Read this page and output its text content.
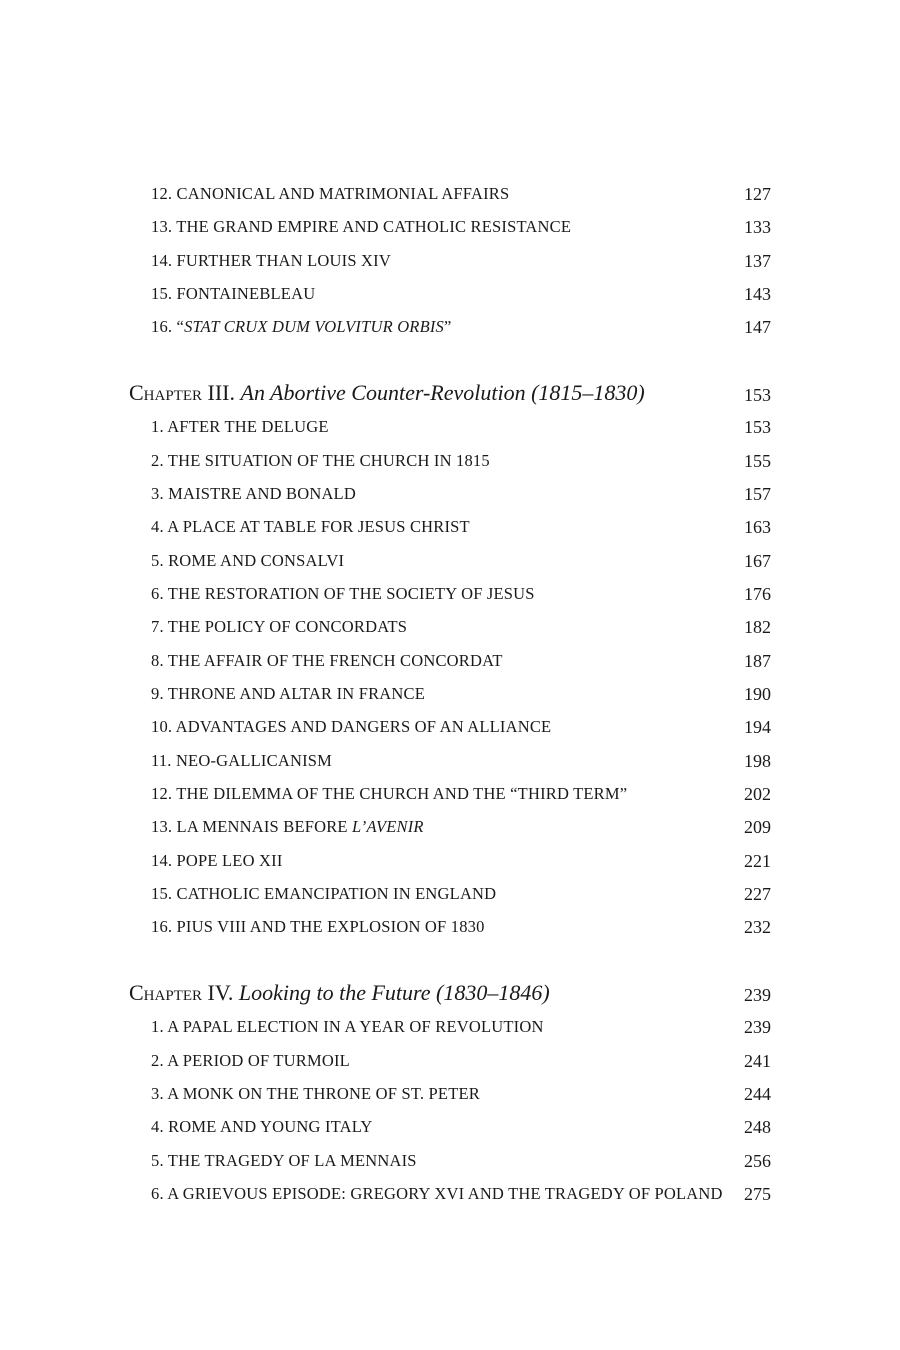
12. CANONICAL AND MATRIMONIAL AFFAIRS	127
13. THE GRAND EMPIRE AND CATHOLIC RESISTANCE	133
14. FURTHER THAN LOUIS XIV	137
15. FONTAINEBLEAU	143
16. “STAT CRUX DUM VOLVITUR ORBIS”	147
Chapter III. An Abortive Counter-Revolution (1815–1830)	153
1. AFTER THE DELUGE	153
2. THE SITUATION OF THE CHURCH IN 1815	155
3. MAISTRE AND BONALD	157
4. A PLACE AT TABLE FOR JESUS CHRIST	163
5. ROME AND CONSALVI	167
6. THE RESTORATION OF THE SOCIETY OF JESUS	176
7. THE POLICY OF CONCORDATS	182
8. THE AFFAIR OF THE FRENCH CONCORDAT	187
9. THRONE AND ALTAR IN FRANCE	190
10. ADVANTAGES AND DANGERS OF AN ALLIANCE	194
11. NEO-GALLICANISM	198
12. THE DILEMMA OF THE CHURCH AND THE “THIRD TERM”	202
13. LA MENNAIS BEFORE L’AVENIR	209
14. POPE LEO XII	221
15. CATHOLIC EMANCIPATION IN ENGLAND	227
16. PIUS VIII AND THE EXPLOSION OF 1830	232
Chapter IV. Looking to the Future (1830–1846)	239
1. A PAPAL ELECTION IN A YEAR OF REVOLUTION	239
2. A PERIOD OF TURMOIL	241
3. A MONK ON THE THRONE OF ST. PETER	244
4. ROME AND YOUNG ITALY	248
5. THE TRAGEDY OF LA MENNAIS	256
6. A GRIEVOUS EPISODE: GREGORY XVI AND THE TRAGEDY OF POLAND 275
